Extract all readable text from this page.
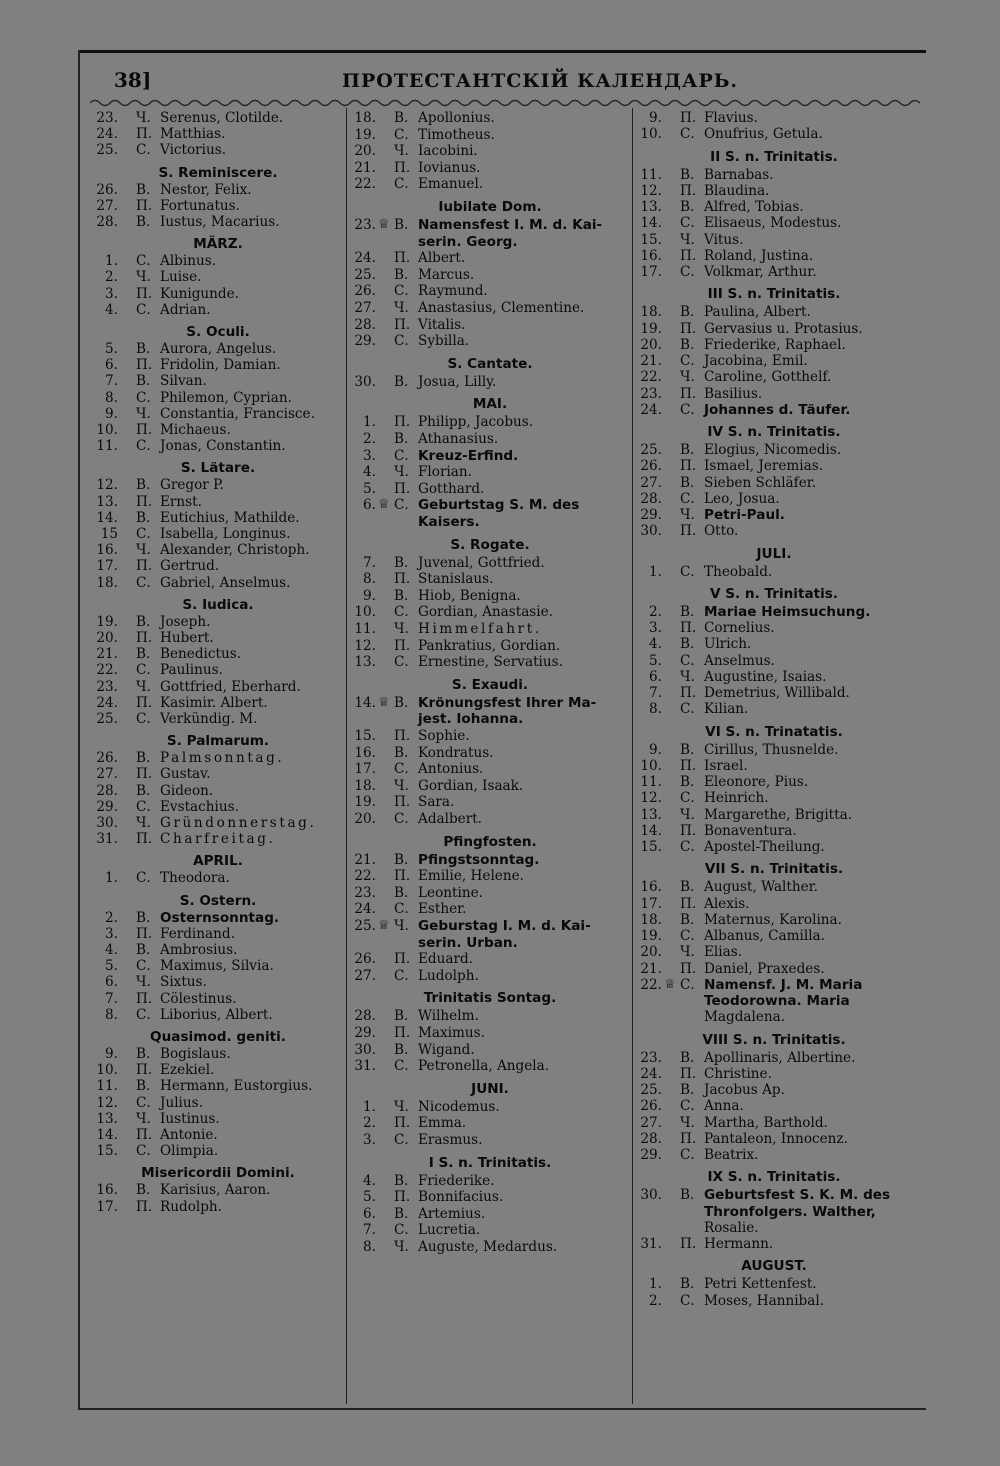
38]	ПРОТЕСТАНТСКІЙ КАЛЕНДАРЬ.
23. Ч. Serenus, Clotilde.
24. П. Matthias.
25. С. Victorius.
S. Reminiscere.
26. B. Nestor, Felix.
27. П. Fortunatus.
28. B. Iustus, Macarius.
MÄRZ.
1. С. Albinus.
2. Ч. Luise.
3. П. Kunigunde.
4. С. Adrian.
S. Oculi.
5. В. Aurora, Angelus.
6. П. Fridolin, Damian.
7. В. Silvan.
8. С. Philemon, Cyprian.
9. Ч. Constantia, Francisce.
10. П. Michaeus.
11. С. Jonas, Constantin.
S. Lätare.
12. В. Gregor P.
13. П. Ernst.
14. В. Eutichius, Mathilde.
15 С. Isabella, Longinus.
16. Ч. Alexander, Christoph.
17. П. Gertrud.
18. С. Gabriel, Anselmus.
S. Iudica.
19. В. Joseph.
20. П. Hubert.
21. В. Benedictus.
22. С. Paulinus.
23. Ч. Gottfried, Eberhard.
24. П. Kasimir. Albert.
25. С. Verkündig. M.
S. Palmarum.
26. В. Palmsonntag.
27. П. Gustav.
28. В. Gideon.
29. С. Evstachius.
30. Ч. Gründonnerstag.
31. П. Charfreitag.
APRIL.
1. С. Theodora.
S. Ostern.
2. В. Osternsonntag.
3. П. Ferdinand.
4. В. Ambrosius.
5. С. Maximus, Silvia.
6. Ч. Sixtus.
7. П. Cölestinus.
8. С. Liborius, Albert.
Quasimod. geniti.
9. В. Bogislaus.
10. П. Ezekiel.
11. В. Hermann, Eustorgius.
12. С. Julius.
13. Ч. Iustinus.
14. П. Antonie.
15. С. Olimpia.
Misericordii Domini.
16. В. Karisius, Aaron.
17. П. Rudolph.
18. В. Apollonius.
19. С. Timotheus.
20. Ч. Iacobini.
21. П. Iovianus.
22. С. Emanuel.
Iubilate Dom.
23. В. Namensfest I. M. d. Kai-
♕
serin. Georg.
24. П. Albert.
25. В. Marcus.
26. С. Raymund.
27. Ч. Anastasius, Clementine.
28. П. Vitalis.
29. С. Sybilla.
S. Cantate.
30. В. Josua, Lilly.
MAI.
1. П. Philipp, Jacobus.
2. В. Athanasius.
3. С. Kreuz-Erfind.
4. Ч. Florian.
5. П. Gotthard.
6. С. Geburtstag S. M. des
♕
Kaisers.
S. Rogate.
7. В. Juvenal, Gottfried.
8. П. Stanislaus.
9. В. Hiob, Benigna.
10. С. Gordian, Anastasie.
11. Ч. Himmelfahrt.
12. П. Pankratius, Gordian.
13. С. Ernestine, Servatius.
S. Exaudi.
14. В. Krönungsfest Ihrer Ma-
♕
jest. Iohanna.
15. П. Sophie.
16. В. Kondratus.
17. С. Antonius.
18. Ч. Gordian, Isaak.
19. П. Sara.
20. С. Adalbert.
Pfingfosten.
21. В. Pfingstsonntag.
22. П. Emilie, Helene.
23. В. Leontine.
24. С. Esther.
25. Ч. Geburstag I. M. d. Kai-
♕
serin. Urban.
26. П. Eduard.
27. С. Ludolph.
Trinitatis Sontag.
28. В. Wilhelm.
29. П. Maximus.
30. В. Wigand.
31. С. Petronella, Angela.
JUNI.
1. Ч. Nicodemus.
2. П. Emma.
3. С. Erasmus.
I S. n. Trinitatis.
4. В. Friederike.
5. П. Bonnifacius.
6. В. Artemius.
7. С. Lucretia.
8. Ч. Auguste, Medardus.
9. П. Flavius.
10. С. Onufrius, Getula.
II S. n. Trinitatis.
11. В. Barnabas.
12. П. Blaudina.
13. В. Alfred, Tobias.
14. С. Elisaeus, Modestus.
15. Ч. Vitus.
16. П. Roland, Justina.
17. С. Volkmar, Arthur.
III S. n. Trinitatis.
18. В. Paulina, Albert.
19. П. Gervasius u. Protasius.
20. В. Friederike, Raphael.
21. С. Jacobina, Emil.
22. Ч. Caroline, Gotthelf.
23. П. Basilius.
24. С. Johannes d. Täufer.
IV S. n. Trinitatis.
25. В. Elogius, Nicomedis.
26. П. Ismael, Jeremias.
27. В. Sieben Schläfer.
28. С. Leo, Josua.
29. Ч. Petri-Paul.
30. П. Otto.
JULI.
1. С. Theobald.
V S. n. Trinitatis.
2. В. Mariae Heimsuchung.
3. П. Cornelius.
4. В. Ulrich.
5. С. Anselmus.
6. Ч. Augustine, Isaias.
7. П. Demetrius, Willibald.
8. С. Kilian.
VI S. n. Trinatatis.
9. В. Cirillus, Thusnelde.
10. П. Israel.
11. В. Eleonore, Pius.
12. С. Heinrich.
13. Ч. Margarethe, Brigitta.
14. П. Bonaventura.
15. С. Apostel-Theilung.
VII S. n. Trinitatis.
16. В. August, Walther.
17. П. Alexis.
18. В. Maternus, Karolina.
19. С. Albanus, Camilla.
20. Ч. Elias.
21. П. Daniel, Praxedes.
22. С. Namensf. J. M. Maria
♕
Teodorowna. Maria
Magdalena.
VIII S. n. Trinitatis.
23. В. Apollinaris, Albertine.
24. П. Christine.
25. В. Jacobus Ap.
26. С. Anna.
27. Ч. Martha, Barthold.
28. П. Pantaleon, Innocenz.
29. С. Beatrix.
IX S. n. Trinitatis.
30. В. Geburtsfest S. K. M. des
Thronfolgers. Walther,
Rosalie.
31. П. Hermann.
AUGUST.
1. В. Petri Kettenfest.
2. С. Moses, Hannibal.
